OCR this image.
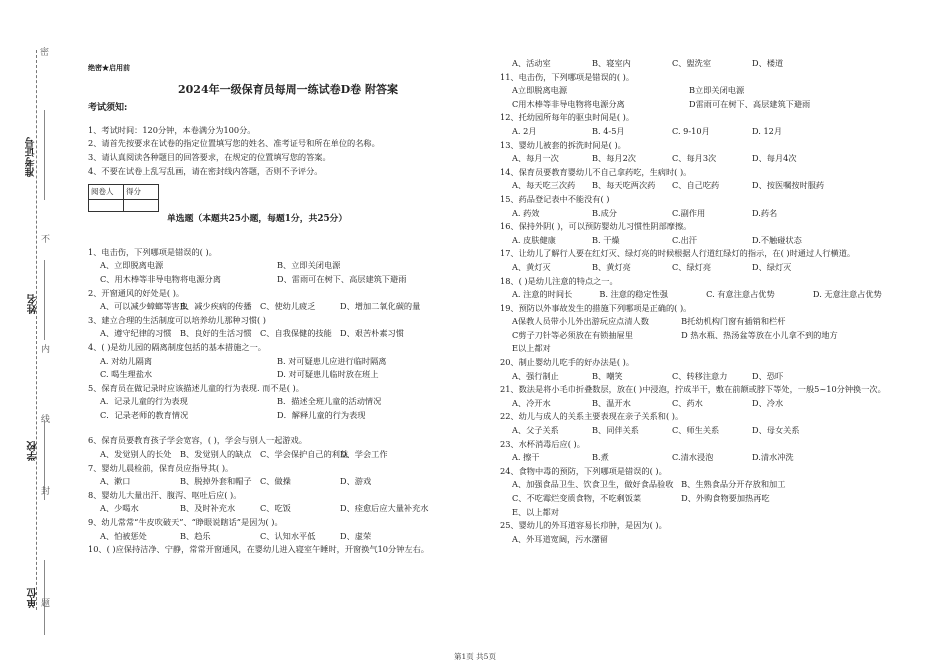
密
准考证号
不
姓名
内
线
学校
封
单位 题
绝密★启用前
2024年一级保育员每周一练试卷D卷 附答案
考试须知:

1、考试时间：120分钟，本卷满分为100分。

2、请首先按要求在试卷的指定位置填写您的姓名、准考证号和所在单位的名称。

3、请认真阅读各种题目的回答要求，在规定的位置填写您的答案。

4、不要在试卷上乱写乱画，请在密封线内答题，否则不予评分。

阅卷人	得分

1、电击伤，下列哪项是错误的( )。

A、立即脱离电源	B、立即关闭电源
C、用木棒等非导电物将电源分离	D、雷雨可在树下、高层建筑下避雨

2、开窗通风的好处是( )。

A、可以减少蟑螂等害虫
B、减少疾病的传播	C、使幼儿疲乏	D、增加二氧化碳的量

3、建立合理的生活制度可以培养幼儿那种习惯( )

A、遵守纪律的习惯	B、良好的生活习惯	C、自我保健的技能	D、艰苦朴素习惯

4、( )是幼儿园的隔离制度包括的基本措施之一。

A. 对幼儿隔离	B. 对可疑患儿应进行临时隔离
C. 喝生理盐水	D. 对可疑患儿临时放在班上

5、保育员在做记录时应该描述儿童的行为表现. 而不是( )。

A．记录儿童的行为表现	B．描述全班儿童的活动情况
C．记录老师的教育情况	D．解释儿童的行为表现

6、保育员要教育孩子学会宽容，( )，学会与别人一起游戏。

A、发觉别人的长处	B、发觉别人的缺点	C、学会保护自己的利益
D、学会工作

7、婴幼儿晨检前，保育员应指导其( )。

A、漱口	B、脱掉外套和帽子	C、做操	D、游戏

8、婴幼儿大量出汗、腹泻、呕吐后应( )。

A、少喝水	B、及时补充水	C、吃饭	D、痊愈后应大量补充水

9、幼儿常常“牛皮吹破天”、“睁眼说瞎话”是因为( )。

A、怕被惩处	B、趋乐	C、认知水平低	D、虚荣

10、( )应保持洁净、宁静，常常开窗通风，在婴幼儿进入寝室午睡时，开窗换气10分钟左右。

单选题（本题共25小题，每题1分，共25分）
A、活动室	B、寝室内	C、盥洗室	D、楼道

11、电击伤，下列哪项是错误的( )。

A立即脱离电源	B立即关闭电源
C用木棒等非导电物将电源分离	D雷雨可在树下、高层建筑下避雨

12、托幼园所每年的驱虫时间是( )。

A. 2月	B. 4-5月	C. 9-10月	D. 12月

13、婴幼儿被套的拆洗时间是( )。

A、每月一次	B、每月2次	C、每月3次	D、每月4次

14、保育员要教育婴幼儿不自己拿药吃，生病时( )。

A、每天吃三次药	B、每天吃两次药	C、自己吃药	D、按医嘱按时服药

15、药品登记表中不能没有( )

A. 药效	B.成分	C.副作用	D.药名

16、保持外阴( )，可以预防婴幼儿习惯性阴部摩擦。

A. 皮肤健康	B. 干燥	C.出汗	D.不触碰状态

17、让幼儿了解行人要在红灯灭、绿灯亮的时候根据人行道红绿灯的指示，在( )时通过人行横道。

A、黄灯灭	B、黄灯亮	C、绿灯亮	D、绿灯灭

18、( )是幼儿注意的特点之一。

A. 注意的时间长	B. 注意的稳定性强	C. 有意注意占优势	D. 无意注意占优势

19、预防以外事故发生的措施下列哪项是正确的( )。

A保教人员带小儿外出游玩应点清人数	B托幼机构门窗有插销和栏杆
C剪子刀针等必须放在有锁抽屉里	D 热水瓶、热汤盆等放在小儿拿不到的地方
E以上都对

20、制止婴幼儿吃手的好办法是( )。

A、强行制止	B、嘲笑	C、转移注意力	D、恐吓

21、数法是将小毛巾折叠数层，放在( )中浸泡，拧成半干，敷在前额或脖下等处，一般5~10分钟换一次。

A、冷开水	B、温开水	C、药水	D、冷水

22、幼儿与成人的关系主要表现在亲子关系和( )。

A、父子关系	B、同伴关系	C、师生关系	D、母女关系

23、水杯消毒后应( )。

A. 擦干	B.煮	C.清水浸泡	D.清水冲洗

24、食物中毒的预防，下列哪项是错误的( )。

A、加强食品卫生、饮食卫生，做好食品验收 B、生熟食品分开存放和加工
C、不吃霉烂变质食物，不吃剩饭菜	D、外购食物要加热再吃
E、以上都对

25、婴幼儿的外耳道容易长疖肿，是因为( )。

A、外耳道宽阔，污水潴留
第1页 共5页
